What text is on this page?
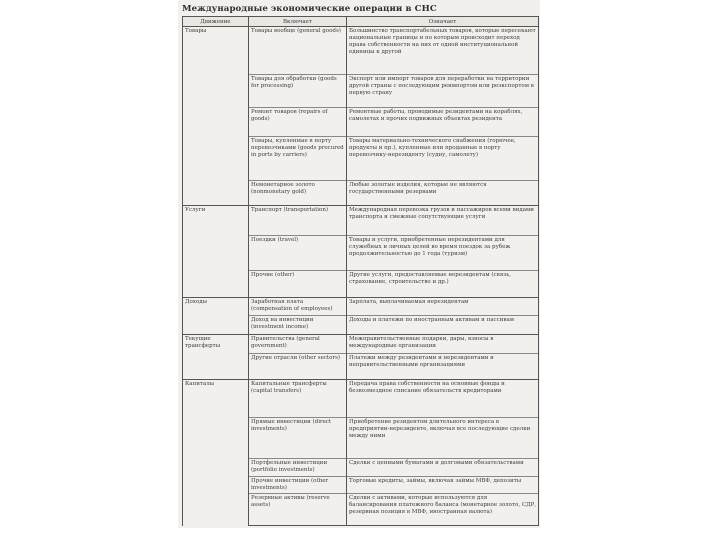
Международные экономические операции в СНС
Движение	Включает	Означает
Товары	Товары вообще (general goods)	Большинство транспортабельных товаров, которые пересекают национальные границы и по которым происходит переход права собственности на них от одной институциональной единицы к другой
	Товары для обработки (goods for processing)	Экспорт или импорт товаров для переработки на территории другой страны с последующим реимпортом или реэкспортом в первую страну
	Ремонт товаров (repairs of goods)	Ремонтные работы, проводимые резидентами на кораблях, самолетах и прочих подвижных объектах резидента
	Товары, купленные в порту перевозчиками (goods procured in ports by carriers)	Товары материально-технического снабжения (горючее, продукты и пр.), купленные или проданные в порту перевозчику-нерезиденту (судну, самолету)
	Немонетарное золото (nonmonetary gold)	Любые золотые изделия, которые не являются государственными резервами
Услуги	Транспорт (transportation)	Международная перевозка грузов и пассажиров всеми видами транспорта и смежные сопутствующие услуги
	Поездки (travel)	Товары и услуги, приобретенные нерезидентами для служебных и личных целей во время поездок за рубеж продолжительностью до 1 года (туризм)
	Прочие (other)	Другие услуги, предоставляемые нерезидентам (связь, страхование, строительство и др.)
Доходы	Заработная плата (compensation of employees)	Зарплата, выплачиваемая нерезидентам
	Доход на инвестиции (investment income)	Доходы и платежи по иностранным активам и пассивам
Текущие трансферты	Правительства (general government)	Межправительственные подарки, дары, взносы в международные организации
	Другие отрасли (other sectors)	Платежи между резидентами и нерезидентами и неправительственными организациями
Капиталы	Капитальные трансферты (capital transfers)	Передача права собственности на основные фонды и безвозмездное списание обязательств кредиторами
	Прямые инвестиции (direct investments)	Приобретение резидентом длительного интереса в предприятии-нерезиденте, включая все последующие сделки между ними
	Портфельные инвестиции (portfolio investments)	Сделки с ценными бумагами и долговыми обязательствами
	Прочие инвестиции (other investments)	Торговые кредиты, займы, включая займы МВФ, депозиты
	Резервные активы (reserve assets)	Сделки с активами, которые используются для балансирования платежного баланса (монетарное золото, СДР, резервная позиция в МВФ, иностранная валюта)
